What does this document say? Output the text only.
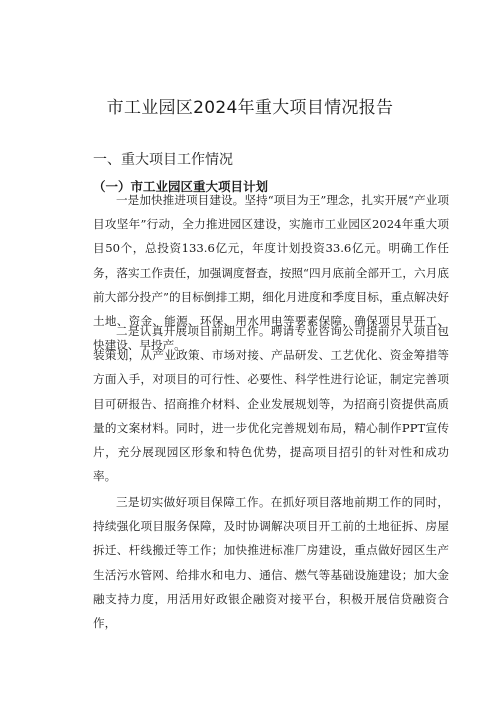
市工业园区2024年重大项目情况报告
一、重大项目工作情况
（一）市工业园区重大项目计划

一是加快推进项目建设。坚持“项目为王”理念，扎实开展“产业项目攻坚年”行动，全力推进园区建设，实施市工业园区2024年重大项目50个，总投资133.6亿元，年度计划投资33.6亿元。明确工作任务，落实工作责任，加强调度督查，按照“四月底前全部开工，六月底前大部分投产”的目标倒排工期，细化月进度和季度目标，重点解决好土地、资金、能源、环保、用水用电等要素保障，确保项目早开工、快建设、早投产。

二是认真开展项目前期工作。聘请专业咨询公司提前介入项目包装策划，从产业政策、市场对接、产品研发、工艺优化、资金筹措等方面入手，对项目的可行性、必要性、科学性进行论证，制定完善项目可研报告、招商推介材料、企业发展规划等，为招商引资提供高质量的文案材料。同时，进一步优化完善规划布局，精心制作PPT宣传片，充分展现园区形象和特色优势，提高项目招引的针对性和成功率。

三是切实做好项目保障工作。在抓好项目落地前期工作的同时，持续强化项目服务保障，及时协调解决项目开工前的土地征拆、房屋拆迁、杆线搬迁等工作；加快推进标准厂房建设，重点做好园区生产生活污水管网、给排水和电力、通信、燃气等基础设施建设；加大金融支持力度，用活用好政银企融资对接平台，积极开展信贷融资合作，
